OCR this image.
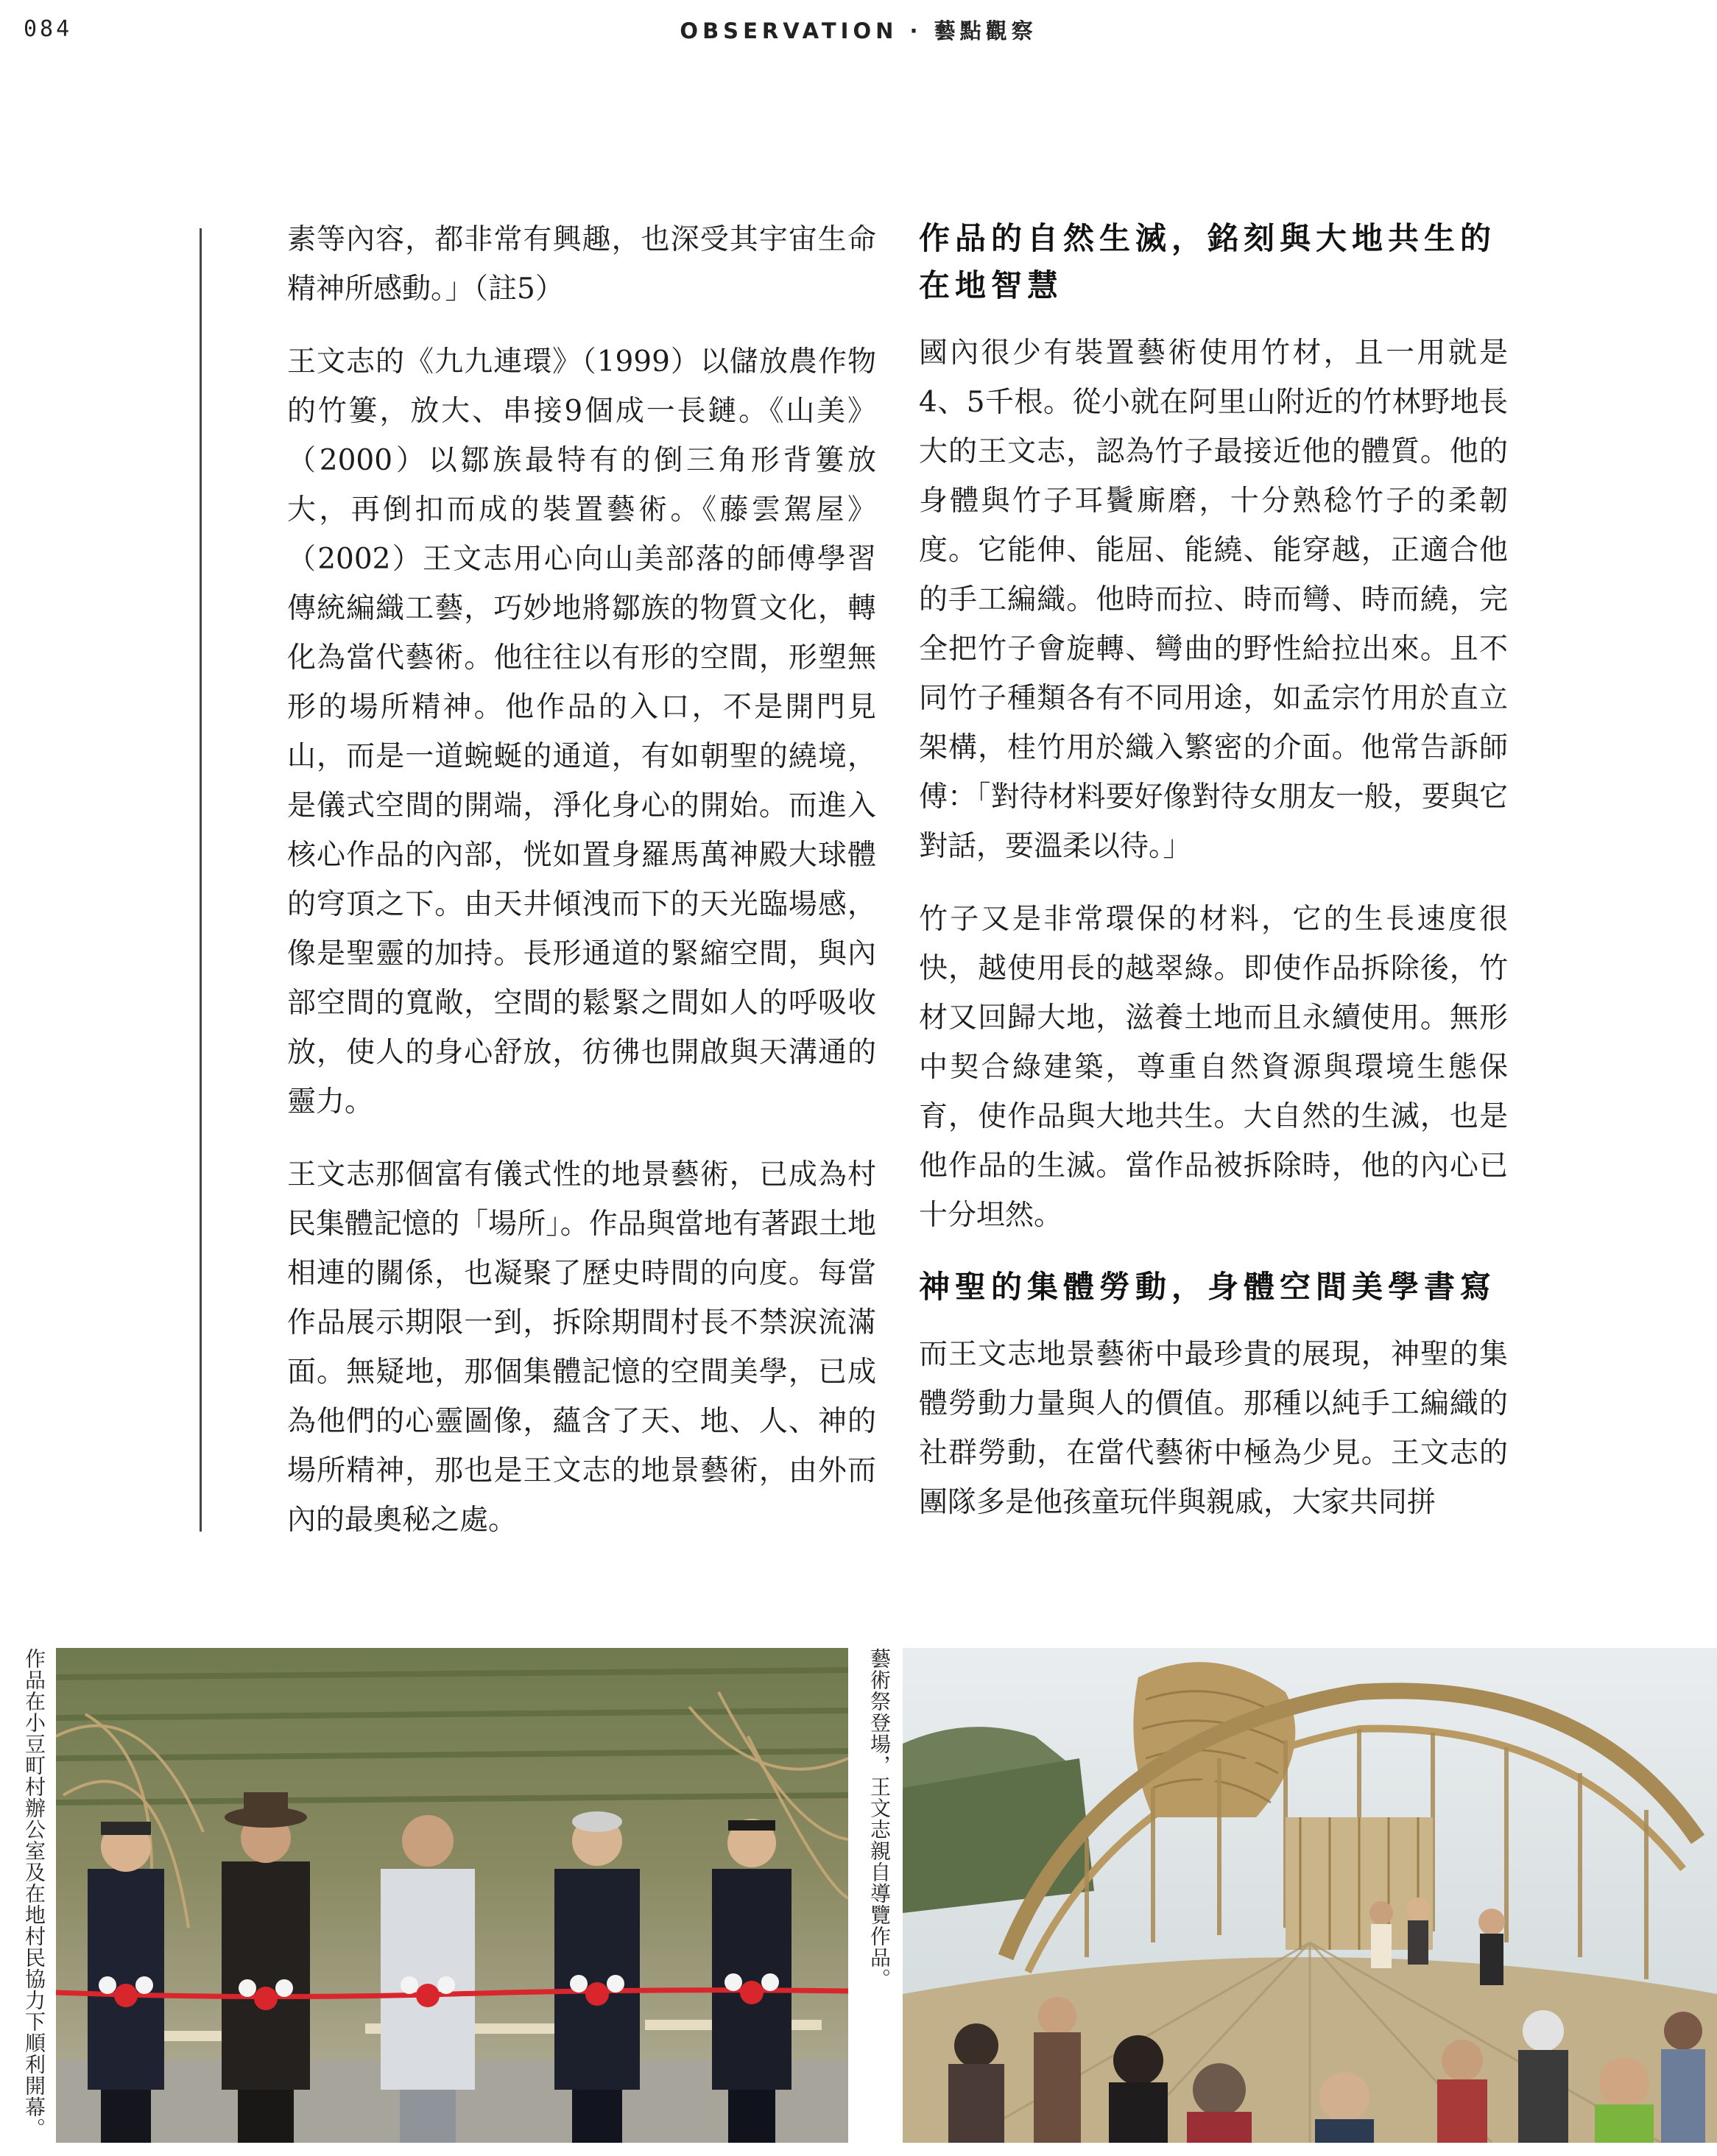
084	OBSERVATION · 藝點觀察

素等內容，都非常有興趣，也深受其宇宙生命精神所感動。」（註5）

王文志的《九九連環》（1999）以儲放農作物的竹簍，放大、串接9個成一長鏈。《山美》（2000）以鄒族最特有的倒三角形背簍放大，再倒扣而成的裝置藝術。《藤雲駕屋》（2002）王文志用心向山美部落的師傅學習傳統編織工藝，巧妙地將鄒族的物質文化，轉化為當代藝術。他往往以有形的空間，形塑無形的場所精神。他作品的入口，不是開門見山，而是一道蜿蜒的通道，有如朝聖的繞境，是儀式空間的開端，淨化身心的開始。而進入核心作品的內部，恍如置身羅馬萬神殿大球體的穹頂之下。由天井傾洩而下的天光臨場感，像是聖靈的加持。長形通道的緊縮空間，與內部空間的寬敞，空間的鬆緊之間如人的呼吸收放，使人的身心舒放，彷彿也開啟與天溝通的靈力。

王文志那個富有儀式性的地景藝術，已成為村民集體記憶的「場所」。作品與當地有著跟土地相連的關係，也凝聚了歷史時間的向度。每當作品展示期限一到，拆除期間村長不禁淚流滿面。無疑地，那個集體記憶的空間美學，已成為他們的心靈圖像，蘊含了天、地、人、神的場所精神，那也是王文志的地景藝術，由外而內的最奧秘之處。

作品的自然生滅，銘刻與大地共生的在地智慧

國內很少有裝置藝術使用竹材，且一用就是4、5千根。從小就在阿里山附近的竹林野地長大的王文志，認為竹子最接近他的體質。他的身體與竹子耳鬢廝磨，十分熟稔竹子的柔韌度。它能伸、能屈、能繞、能穿越，正適合他的手工編織。他時而拉、時而彎、時而繞，完全把竹子會旋轉、彎曲的野性給拉出來。且不同竹子種類各有不同用途，如孟宗竹用於直立架構，桂竹用於織入繁密的介面。他常告訴師傅：「對待材料要好像對待女朋友一般，要與它對話，要溫柔以待。」

竹子又是非常環保的材料，它的生長速度很快，越使用長的越翠綠。即使作品拆除後，竹材又回歸大地，滋養土地而且永續使用。無形中契合綠建築，尊重自然資源與環境生態保育，使作品與大地共生。大自然的生滅，也是他作品的生滅。當作品被拆除時，他的內心已十分坦然。

神聖的集體勞動，身體空間美學書寫

而王文志地景藝術中最珍貴的展現，神聖的集體勞動力量與人的價值。那種以純手工編織的社群勞動，在當代藝術中極為少見。王文志的團隊多是他孩童玩伴與親戚，大家共同拼

作品在小豆町村辦公室及在地村民協力下順利開幕。	藝術祭登場，王文志親自導覽作品。
